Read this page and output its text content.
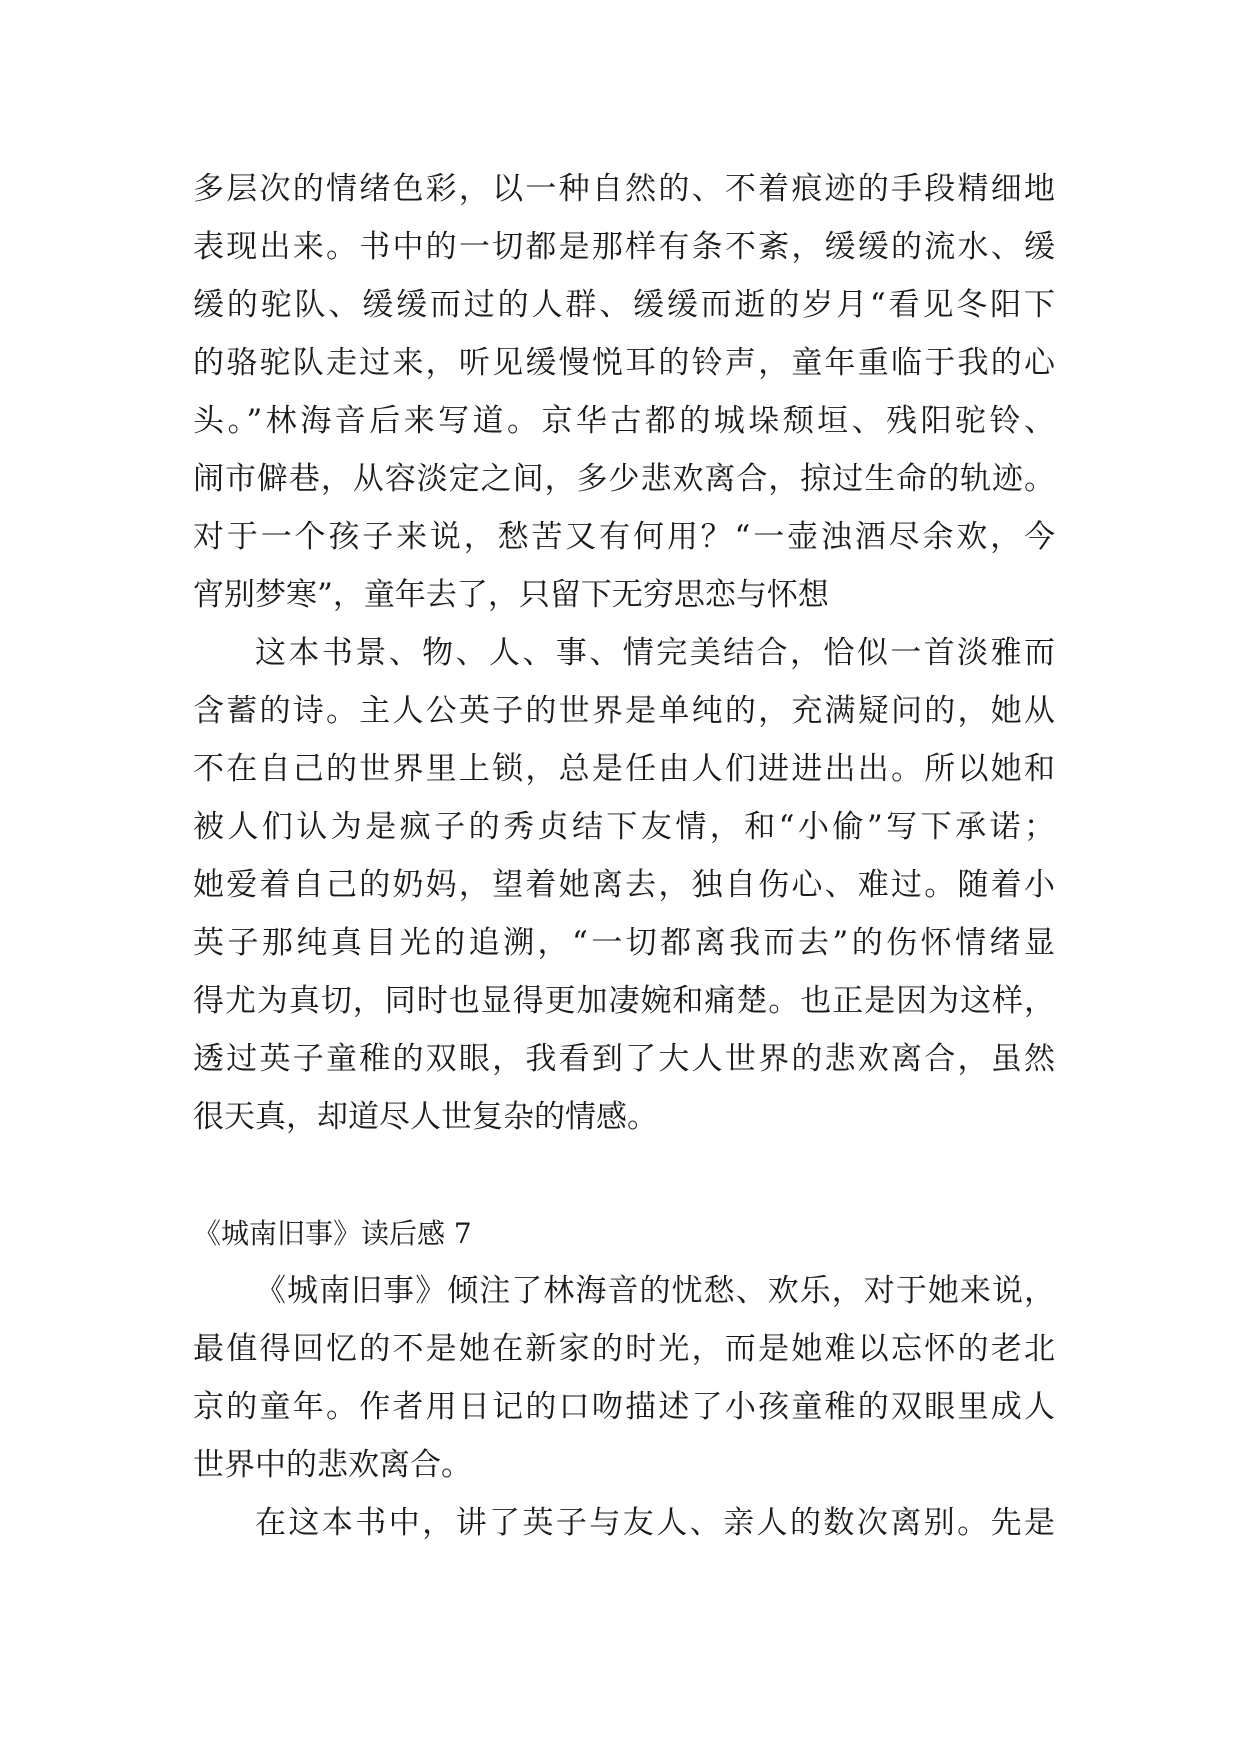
多层次的情绪色彩，以一种自然的、不着痕迹的手段精细地
表现出来。书中的一切都是那样有条不紊，缓缓的流水、缓
缓的驼队、缓缓而过的人群、缓缓而逝的岁月“看见冬阳下
的骆驼队走过来，听见缓慢悦耳的铃声，童年重临于我的心
头。”林海音后来写道。京华古都的城垛颓垣、残阳驼铃、
闹市僻巷，从容淡定之间，多少悲欢离合，掠过生命的轨迹。
对于一个孩子来说，愁苦又有何用？“一壶浊酒尽余欢，今
宵别梦寒”，童年去了，只留下无穷思恋与怀想
这本书景、物、人、事、情完美结合，恰似一首淡雅而
含蓄的诗。主人公英子的世界是单纯的，充满疑问的，她从
不在自己的世界里上锁，总是任由人们进进出出。所以她和
被人们认为是疯子的秀贞结下友情，和“小偷”写下承诺；
她爱着自己的奶妈，望着她离去，独自伤心、难过。随着小
英子那纯真目光的追溯，“一切都离我而去”的伤怀情绪显
得尤为真切，同时也显得更加凄婉和痛楚。也正是因为这样，
透过英子童稚的双眼，我看到了大人世界的悲欢离合，虽然
很天真，却道尽人世复杂的情感。
《城南旧事》读后感 7
《城南旧事》倾注了林海音的忧愁、欢乐，对于她来说，
最值得回忆的不是她在新家的时光，而是她难以忘怀的老北
京的童年。作者用日记的口吻描述了小孩童稚的双眼里成人
世界中的悲欢离合。
在这本书中，讲了英子与友人、亲人的数次离别。先是
